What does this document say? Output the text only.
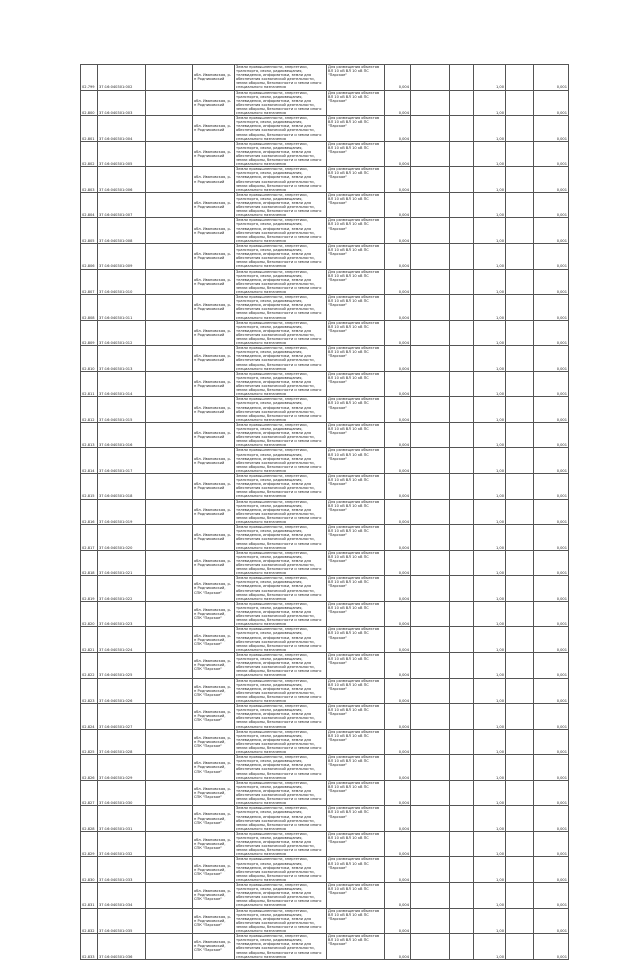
02.799	37:16:040301:002		обл. Ивановская, р-н Родниковский	Земли промышленности, энергетики, транспорта, связи, радиовещания, телевидения, информатики, земли для обеспечения космической деятельности, земли обороны, безопасности и земли иного специального назначения	Для размещения объектов ВЛ 10 кВ ВЛ 10 кВ ПС "Парское"	0,004			1,00		0,001
02.800	37:16:040301:003		обл. Ивановская, р-н Родниковский	Земли промышленности, энергетики, транспорта, связи, радиовещания, телевидения, информатики, земли для обеспечения космической деятельности, земли обороны, безопасности и земли иного специального назначения	Для размещения объектов ВЛ 10 кВ ВЛ 10 кВ ПС "Парское"	0,004			1,00		0,001
02.801	37:16:040301:004		обл. Ивановская, р-н Родниковский	Земли промышленности, энергетики, транспорта, связи, радиовещания, телевидения, информатики, земли для обеспечения космической деятельности, земли обороны, безопасности и земли иного специального назначения	Для размещения объектов ВЛ 10 кВ ВЛ 10 кВ ПС "Парское"	0,004			1,00		0,001
02.802	37:16:040301:005		обл. Ивановская, р-н Родниковский	Земли промышленности, энергетики, транспорта, связи, радиовещания, телевидения, информатики, земли для обеспечения космической деятельности, земли обороны, безопасности и земли иного специального назначения	Для размещения объектов ВЛ 10 кВ ВЛ 10 кВ ПС "Парское"	0,004			1,00		0,001
02.803	37:16:040301:006		обл. Ивановская, р-н Родниковский	Земли промышленности, энергетики, транспорта, связи, радиовещания, телевидения, информатики, земли для обеспечения космической деятельности, земли обороны, безопасности и земли иного специального назначения	Для размещения объектов ВЛ 10 кВ ВЛ 10 кВ ПС "Парское"	0,004			1,00		0,001
02.804	37:16:040301:007		обл. Ивановская, р-н Родниковский	Земли промышленности, энергетики, транспорта, связи, радиовещания, телевидения, информатики, земли для обеспечения космической деятельности, земли обороны, безопасности и земли иного специального назначения	Для размещения объектов ВЛ 10 кВ ВЛ 10 кВ ПС "Парское"	0,004			1,00		0,001
02.805	37:16:040301:008		обл. Ивановская, р-н Родниковский	Земли промышленности, энергетики, транспорта, связи, радиовещания, телевидения, информатики, земли для обеспечения космической деятельности, земли обороны, безопасности и земли иного специального назначения	Для размещения объектов ВЛ 10 кВ ВЛ 10 кВ ПС "Парское"	0,004			1,00		0,001
02.806	37:16:040301:009		обл. Ивановская, р-н Родниковский	Земли промышленности, энергетики, транспорта, связи, радиовещания, телевидения, информатики, земли для обеспечения космической деятельности, земли обороны, безопасности и земли иного специального назначения	Для размещения объектов ВЛ 10 кВ ВЛ 10 кВ ПС "Парское"	0,004			1,00		0,001
02.807	37:16:040301:010		обл. Ивановская, р-н Родниковский	Земли промышленности, энергетики, транспорта, связи, радиовещания, телевидения, информатики, земли для обеспечения космической деятельности, земли обороны, безопасности и земли иного специального назначения	Для размещения объектов ВЛ 10 кВ ВЛ 10 кВ ПС "Парское"	0,004			1,00		0,001
02.808	37:16:040301:011		обл. Ивановская, р-н Родниковский	Земли промышленности, энергетики, транспорта, связи, радиовещания, телевидения, информатики, земли для обеспечения космической деятельности, земли обороны, безопасности и земли иного специального назначения	Для размещения объектов ВЛ 10 кВ ВЛ 10 кВ ПС "Парское"	0,004			1,00		0,001
02.809	37:16:040301:012		обл. Ивановская, р-н Родниковский	Земли промышленности, энергетики, транспорта, связи, радиовещания, телевидения, информатики, земли для обеспечения космической деятельности, земли обороны, безопасности и земли иного специального назначения	Для размещения объектов ВЛ 10 кВ ВЛ 10 кВ ПС "Парское"	0,004			1,00		0,001
02.810	37:16:040301:013		обл. Ивановская, р-н Родниковский	Земли промышленности, энергетики, транспорта, связи, радиовещания, телевидения, информатики, земли для обеспечения космической деятельности, земли обороны, безопасности и земли иного специального назначения	Для размещения объектов ВЛ 10 кВ ВЛ 10 кВ ПС "Парское"	0,004			1,00		0,001
02.811	37:16:040301:014		обл. Ивановская, р-н Родниковский	Земли промышленности, энергетики, транспорта, связи, радиовещания, телевидения, информатики, земли для обеспечения космической деятельности, земли обороны, безопасности и земли иного специального назначения	Для размещения объектов ВЛ 10 кВ ВЛ 10 кВ ПС "Парское"	0,004			1,00		0,001
02.812	37:16:040301:015		обл. Ивановская, р-н Родниковский	Земли промышленности, энергетики, транспорта, связи, радиовещания, телевидения, информатики, земли для обеспечения космической деятельности, земли обороны, безопасности и земли иного специального назначения	Для размещения объектов ВЛ 10 кВ ВЛ 10 кВ ПС "Парское"	0,004			1,00		0,001
02.813	37:16:040301:016		обл. Ивановская, р-н Родниковский	Земли промышленности, энергетики, транспорта, связи, радиовещания, телевидения, информатики, земли для обеспечения космической деятельности, земли обороны, безопасности и земли иного специального назначения	Для размещения объектов ВЛ 10 кВ ВЛ 10 кВ ПС "Парское"	0,004			1,00		0,001
02.814	37:16:040301:017		обл. Ивановская, р-н Родниковский	Земли промышленности, энергетики, транспорта, связи, радиовещания, телевидения, информатики, земли для обеспечения космической деятельности, земли обороны, безопасности и земли иного специального назначения	Для размещения объектов ВЛ 10 кВ ВЛ 10 кВ ПС "Парское"	0,004			1,00		0,001
02.815	37:16:040301:018		обл. Ивановская, р-н Родниковский	Земли промышленности, энергетики, транспорта, связи, радиовещания, телевидения, информатики, земли для обеспечения космической деятельности, земли обороны, безопасности и земли иного специального назначения	Для размещения объектов ВЛ 10 кВ ВЛ 10 кВ ПС "Парское"	0,004			1,00		0,001
02.816	37:16:040301:019		обл. Ивановская, р-н Родниковский	Земли промышленности, энергетики, транспорта, связи, радиовещания, телевидения, информатики, земли для обеспечения космической деятельности, земли обороны, безопасности и земли иного специального назначения	Для размещения объектов ВЛ 10 кВ ВЛ 10 кВ ПС "Парское"	0,004			1,00		0,001
02.817	37:16:040301:020		обл. Ивановская, р-н Родниковский	Земли промышленности, энергетики, транспорта, связи, радиовещания, телевидения, информатики, земли для обеспечения космической деятельности, земли обороны, безопасности и земли иного специального назначения	Для размещения объектов ВЛ 10 кВ ВЛ 10 кВ ПС "Парское"	0,004			1,00		0,001
02.818	37:16:040301:021		обл. Ивановская, р-н Родниковский	Земли промышленности, энергетики, транспорта, связи, радиовещания, телевидения, информатики, земли для обеспечения космической деятельности, земли обороны, безопасности и земли иного специального назначения	Для размещения объектов ВЛ 10 кВ ВЛ 10 кВ ПС "Парское"	0,004			1,00		0,001
02.819	37:16:040301:022		обл. Ивановская, р-н Родниковский, СПК "Парское"	Земли промышленности, энергетики, транспорта, связи, радиовещания, телевидения, информатики, земли для обеспечения космической деятельности, земли обороны, безопасности и земли иного специального назначения	Для размещения объектов ВЛ 10 кВ ВЛ 10 кВ ПС "Парское"	0,004			1,00		0,001
02.820	37:16:040301:023		обл. Ивановская, р-н Родниковский, СПК "Парское"	Земли промышленности, энергетики, транспорта, связи, радиовещания, телевидения, информатики, земли для обеспечения космической деятельности, земли обороны, безопасности и земли иного специального назначения	Для размещения объектов ВЛ 10 кВ ВЛ 10 кВ ПС "Парское"	0,004			1,00		0,001
02.821	37:16:040301:024		обл. Ивановская, р-н Родниковский, СПК "Парское"	Земли промышленности, энергетики, транспорта, связи, радиовещания, телевидения, информатики, земли для обеспечения космической деятельности, земли обороны, безопасности и земли иного специального назначения	Для размещения объектов ВЛ 10 кВ ВЛ 10 кВ ПС "Парское"	0,004			1,00		0,001
02.822	37:16:040301:025		обл. Ивановская, р-н Родниковский, СПК "Парское"	Земли промышленности, энергетики, транспорта, связи, радиовещания, телевидения, информатики, земли для обеспечения космической деятельности, земли обороны, безопасности и земли иного специального назначения	Для размещения объектов ВЛ 10 кВ ВЛ 10 кВ ПС "Парское"	0,004			1,00		0,001
02.823	37:16:040301:026		обл. Ивановская, р-н Родниковский, СПК "Парское"	Земли промышленности, энергетики, транспорта, связи, радиовещания, телевидения, информатики, земли для обеспечения космической деятельности, земли обороны, безопасности и земли иного специального назначения	Для размещения объектов ВЛ 10 кВ ВЛ 10 кВ ПС "Парское"	0,004			1,00		0,001
02.824	37:16:040301:027		обл. Ивановская, р-н Родниковский, СПК "Парское"	Земли промышленности, энергетики, транспорта, связи, радиовещания, телевидения, информатики, земли для обеспечения космической деятельности, земли обороны, безопасности и земли иного специального назначения	Для размещения объектов ВЛ 10 кВ ВЛ 10 кВ ПС "Парское"	0,004			1,00		0,001
02.825	37:16:040301:028		обл. Ивановская, р-н Родниковский, СПК "Парское"	Земли промышленности, энергетики, транспорта, связи, радиовещания, телевидения, информатики, земли для обеспечения космической деятельности, земли обороны, безопасности и земли иного специального назначения	Для размещения объектов ВЛ 10 кВ ВЛ 10 кВ ПС "Парское"	0,004			1,00		0,001
02.826	37:16:040301:029		обл. Ивановская, р-н Родниковский, СПК "Парское"	Земли промышленности, энергетики, транспорта, связи, радиовещания, телевидения, информатики, земли для обеспечения космической деятельности, земли обороны, безопасности и земли иного специального назначения	Для размещения объектов ВЛ 10 кВ ВЛ 10 кВ ПС "Парское"	0,004			1,00		0,001
02.827	37:16:040301:030		обл. Ивановская, р-н Родниковский, СПК "Парское"	Земли промышленности, энергетики, транспорта, связи, радиовещания, телевидения, информатики, земли для обеспечения космической деятельности, земли обороны, безопасности и земли иного специального назначения	Для размещения объектов ВЛ 10 кВ ВЛ 10 кВ ПС "Парское"	0,004			1,00		0,001
02.828	37:16:040301:031		обл. Ивановская, р-н Родниковский, СПК "Парское"	Земли промышленности, энергетики, транспорта, связи, радиовещания, телевидения, информатики, земли для обеспечения космической деятельности, земли обороны, безопасности и земли иного специального назначения	Для размещения объектов ВЛ 10 кВ ВЛ 10 кВ ПС "Парское"	0,004			1,00		0,001
02.829	37:16:040301:032		обл. Ивановская, р-н Родниковский, СПК "Парское"	Земли промышленности, энергетики, транспорта, связи, радиовещания, телевидения, информатики, земли для обеспечения космической деятельности, земли обороны, безопасности и земли иного специального назначения	Для размещения объектов ВЛ 10 кВ ВЛ 10 кВ ПС "Парское"	0,004			1,00		0,001
02.830	37:16:040301:033		обл. Ивановская, р-н Родниковский, СПК "Парское"	Земли промышленности, энергетики, транспорта, связи, радиовещания, телевидения, информатики, земли для обеспечения космической деятельности, земли обороны, безопасности и земли иного специального назначения	Для размещения объектов ВЛ 10 кВ ВЛ 10 кВ ПС "Парское"	0,004			1,00		0,001
02.831	37:16:040301:034		обл. Ивановская, р-н Родниковский, СПК "Парское"	Земли промышленности, энергетики, транспорта, связи, радиовещания, телевидения, информатики, земли для обеспечения космической деятельности, земли обороны, безопасности и земли иного специального назначения	Для размещения объектов ВЛ 10 кВ ВЛ 10 кВ ПС "Парское"	0,004			1,00		0,001
02.832	37:16:040301:035		обл. Ивановская, р-н Родниковский, СПК "Парское"	Земли промышленности, энергетики, транспорта, связи, радиовещания, телевидения, информатики, земли для обеспечения космической деятельности, земли обороны, безопасности и земли иного специального назначения	Для размещения объектов ВЛ 10 кВ ВЛ 10 кВ ПС "Парское"	0,004			1,00		0,001
02.833	37:16:040301:036		обл. Ивановская, р-н Родниковский, СПК "Парское"	Земли промышленности, энергетики, транспорта, связи, радиовещания, телевидения, информатики, земли для обеспечения космической деятельности, земли обороны, безопасности и земли иного специального назначения	Для размещения объектов ВЛ 10 кВ ВЛ 10 кВ ПС "Парское"	0,004			1,00		0,001
